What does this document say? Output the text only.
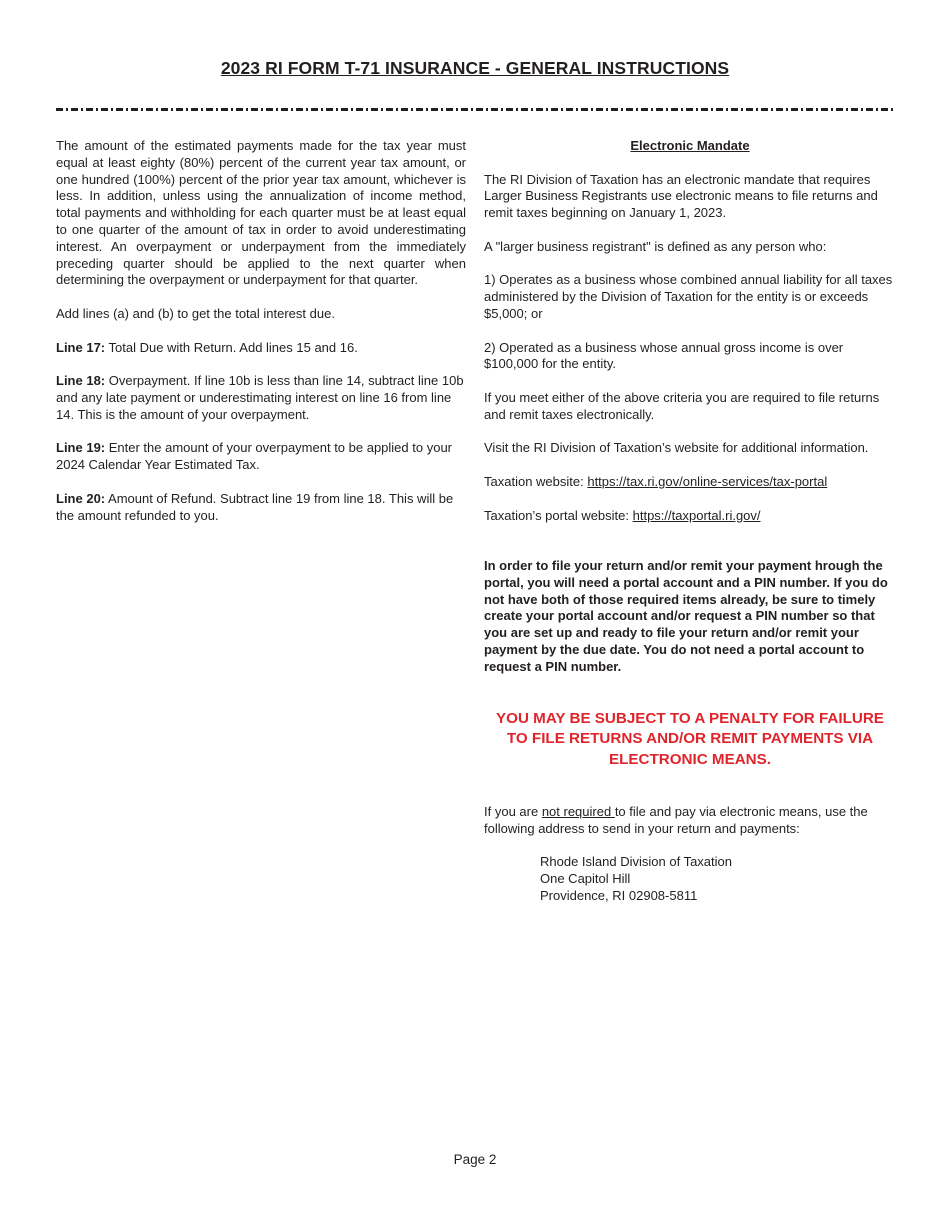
2023 RI FORM T-71 INSURANCE - GENERAL INSTRUCTIONS

The amount of the estimated payments made for the tax year must equal at least eighty (80%) percent of the current year tax amount, or one hundred (100%) percent of the prior year tax amount, whichever is less. In addition, unless using the annualization of income method, total payments and withholding for each quarter must be at least equal to one quarter of the amount of tax in order to avoid underestimating interest. An overpayment or underpayment from the immediately preceding quarter should be applied to the next quarter when determining the overpayment or underpayment for that quarter.

Add lines (a) and (b) to get the total interest due.

Line 17: Total Due with Return. Add lines 15 and 16.

Line 18: Overpayment. If line 10b is less than line 14, subtract line 10b and any late payment or underestimating interest on line 16 from line 14. This is the amount of your overpayment.

Line 19: Enter the amount of your overpayment to be applied to your 2024 Calendar Year Estimated Tax.

Line 20: Amount of Refund. Subtract line 19 from line 18. This will be the amount refunded to you.

Electronic Mandate

The RI Division of Taxation has an electronic mandate that requires Larger Business Registrants use electronic means to file returns and remit taxes beginning on January 1, 2023.

A "larger business registrant" is defined as any person who:

1) Operates as a business whose combined annual liability for all taxes administered by the Division of Taxation for the entity is or exceeds $5,000; or

2) Operated as a business whose annual gross income is over $100,000 for the entity.

If you meet either of the above criteria you are required to file returns and remit taxes electronically.

Visit the RI Division of Taxation’s website for additional information.

Taxation website: https://tax.ri.gov/online-services/tax-portal

Taxation’s portal website: https://taxportal.ri.gov/

In order to file your return and/or remit your payment hrough the portal, you will need a portal account and a PIN number. If you do not have both of those required items already, be sure to timely create your portal account and/or request a PIN number so that you are set up and ready to file your return and/or remit your payment by the due date. You do not need a portal account to request a PIN number.

YOU MAY BE SUBJECT TO A PENALTY FOR FAILURE TO FILE RETURNS AND/OR REMIT PAYMENTS VIA ELECTRONIC MEANS.

If you are not required to file and pay via electronic means, use the following address to send in your return and payments:

Rhode Island Division of Taxation
One Capitol Hill
Providence, RI 02908-5811
Page 2
